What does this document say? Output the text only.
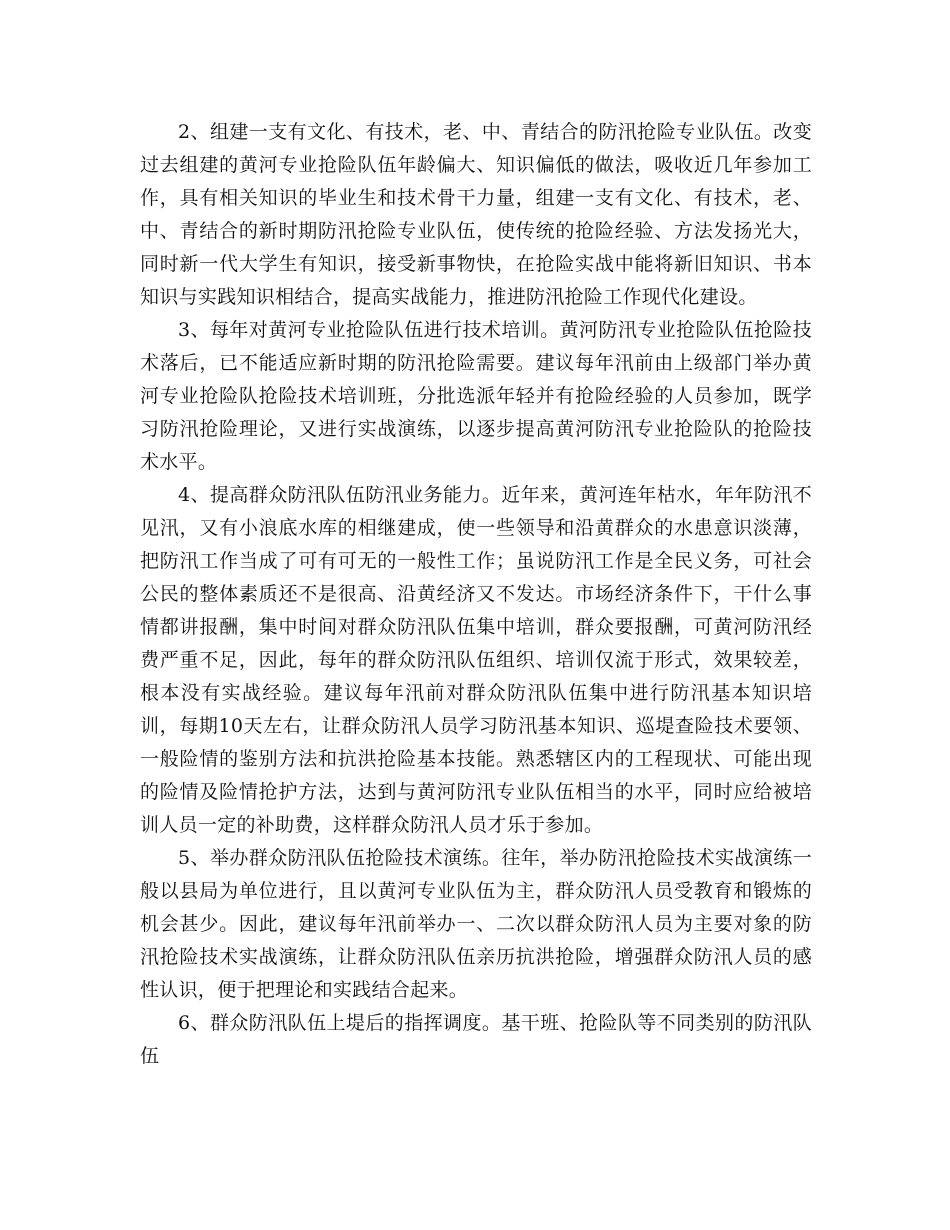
2、组建一支有文化、有技术，老、中、青结合的防汛抢险专业队伍。改变过去组建的黄河专业抢险队伍年龄偏大、知识偏低的做法，吸收近几年参加工作，具有相关知识的毕业生和技术骨干力量，组建一支有文化、有技术，老、中、青结合的新时期防汛抢险专业队伍，使传统的抢险经验、方法发扬光大，同时新一代大学生有知识，接受新事物快，在抢险实战中能将新旧知识、书本知识与实践知识相结合，提高实战能力，推进防汛抢险工作现代化建设。

3、每年对黄河专业抢险队伍进行技术培训。黄河防汛专业抢险队伍抢险技术落后，已不能适应新时期的防汛抢险需要。建议每年汛前由上级部门举办黄河专业抢险队抢险技术培训班，分批选派年轻并有抢险经验的人员参加，既学习防汛抢险理论，又进行实战演练，以逐步提高黄河防汛专业抢险队的抢险技术水平。

4、提高群众防汛队伍防汛业务能力。近年来，黄河连年枯水，年年防汛不见汛，又有小浪底水库的相继建成，使一些领导和沿黄群众的水患意识淡薄，把防汛工作当成了可有可无的一般性工作；虽说防汛工作是全民义务，可社会公民的整体素质还不是很高、沿黄经济又不发达。市场经济条件下，干什么事情都讲报酬，集中时间对群众防汛队伍集中培训，群众要报酬，可黄河防汛经费严重不足，因此，每年的群众防汛队伍组织、培训仅流于形式，效果较差，根本没有实战经验。建议每年汛前对群众防汛队伍集中进行防汛基本知识培训，每期10天左右，让群众防汛人员学习防汛基本知识、巡堤查险技术要领、一般险情的鉴别方法和抗洪抢险基本技能。熟悉辖区内的工程现状、可能出现的险情及险情抢护方法，达到与黄河防汛专业队伍相当的水平，同时应给被培训人员一定的补助费，这样群众防汛人员才乐于参加。

5、举办群众防汛队伍抢险技术演练。往年，举办防汛抢险技术实战演练一般以县局为单位进行，且以黄河专业队伍为主，群众防汛人员受教育和锻炼的机会甚少。因此，建议每年汛前举办一、二次以群众防汛人员为主要对象的防汛抢险技术实战演练，让群众防汛队伍亲历抗洪抢险，增强群众防汛人员的感性认识，便于把理论和实践结合起来。

6、群众防汛队伍上堤后的指挥调度。基干班、抢险队等不同类别的防汛队伍
